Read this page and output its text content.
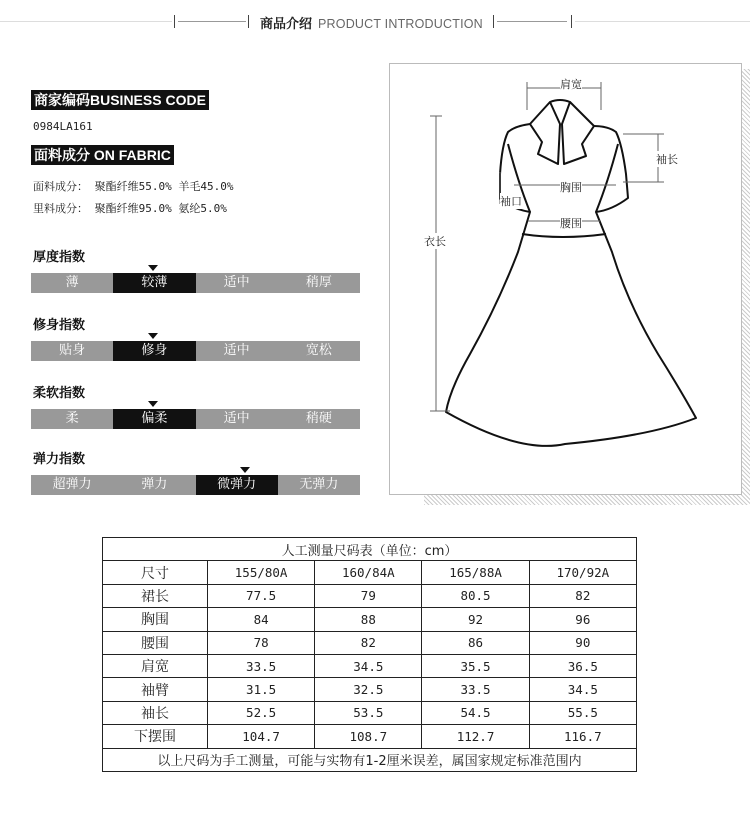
商品介绍 PRODUCT INTRODUCTION
商家编码BUSINESS CODE
0984LA161
面料成分 ON FABRIC
面料成分： 聚酯纤维55.0% 羊毛45.0%
里料成分： 聚酯纤维95.0% 氨纶5.0%
厚度指数
薄	较薄	适中	稍厚
修身指数
贴身	修身	适中	宽松
柔软指数
柔	偏柔	适中	稍硬
弹力指数
超弹力	弹力	微弹力	无弹力
肩宽
袖长
胸围
袖口
腰围
衣长
人工测量尺码表（单位：cm）				
尺寸	155/80A	160/84A	165/88A	170/92A
裙长	77.5	79	80.5	82
胸围	84	88	92	96
腰围	78	82	86	90
肩宽	33.5	34.5	35.5	36.5
袖臂	31.5	32.5	33.5	34.5
袖长	52.5	53.5	54.5	55.5
下摆围	104.7	108.7	112.7	116.7
以上尺码为手工测量，可能与实物有1-2厘米误差，属国家规定标准范围内				
